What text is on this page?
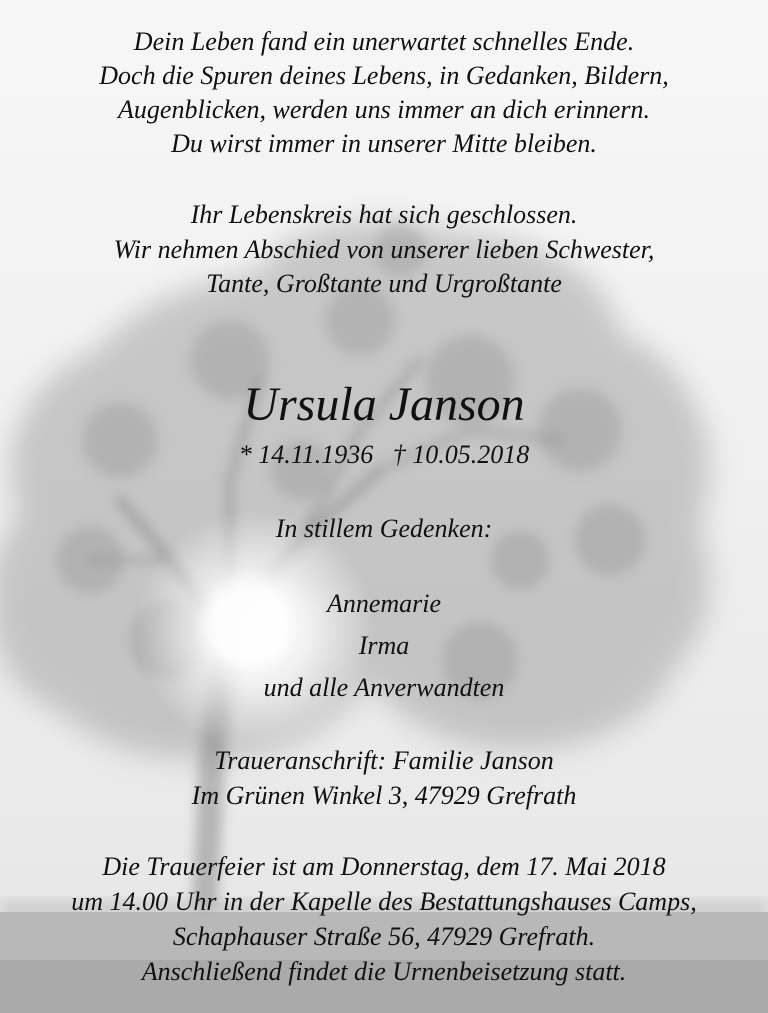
Dein Leben fand ein unerwartet schnelles Ende.
Doch die Spuren deines Lebens, in Gedanken, Bildern,
Augenblicken, werden uns immer an dich erinnern.
Du wirst immer in unserer Mitte bleiben.
Ihr Lebenskreis hat sich geschlossen.
Wir nehmen Abschied von unserer lieben Schwester,
Tante, Großtante und Urgroßtante
Ursula Janson
* 14.11.1936   † 10.05.2018
In stillem Gedenken:
Annemarie
Irma
und alle Anverwandten
Traueranschrift: Familie Janson
Im Grünen Winkel 3, 47929 Grefrath
Die Trauerfeier ist am Donnerstag, dem 17. Mai 2018
um 14.00 Uhr in der Kapelle des Bestattungshauses Camps,
Schaphauser Straße 56, 47929 Grefrath.
Anschließend findet die Urnenbeisetzung statt.
